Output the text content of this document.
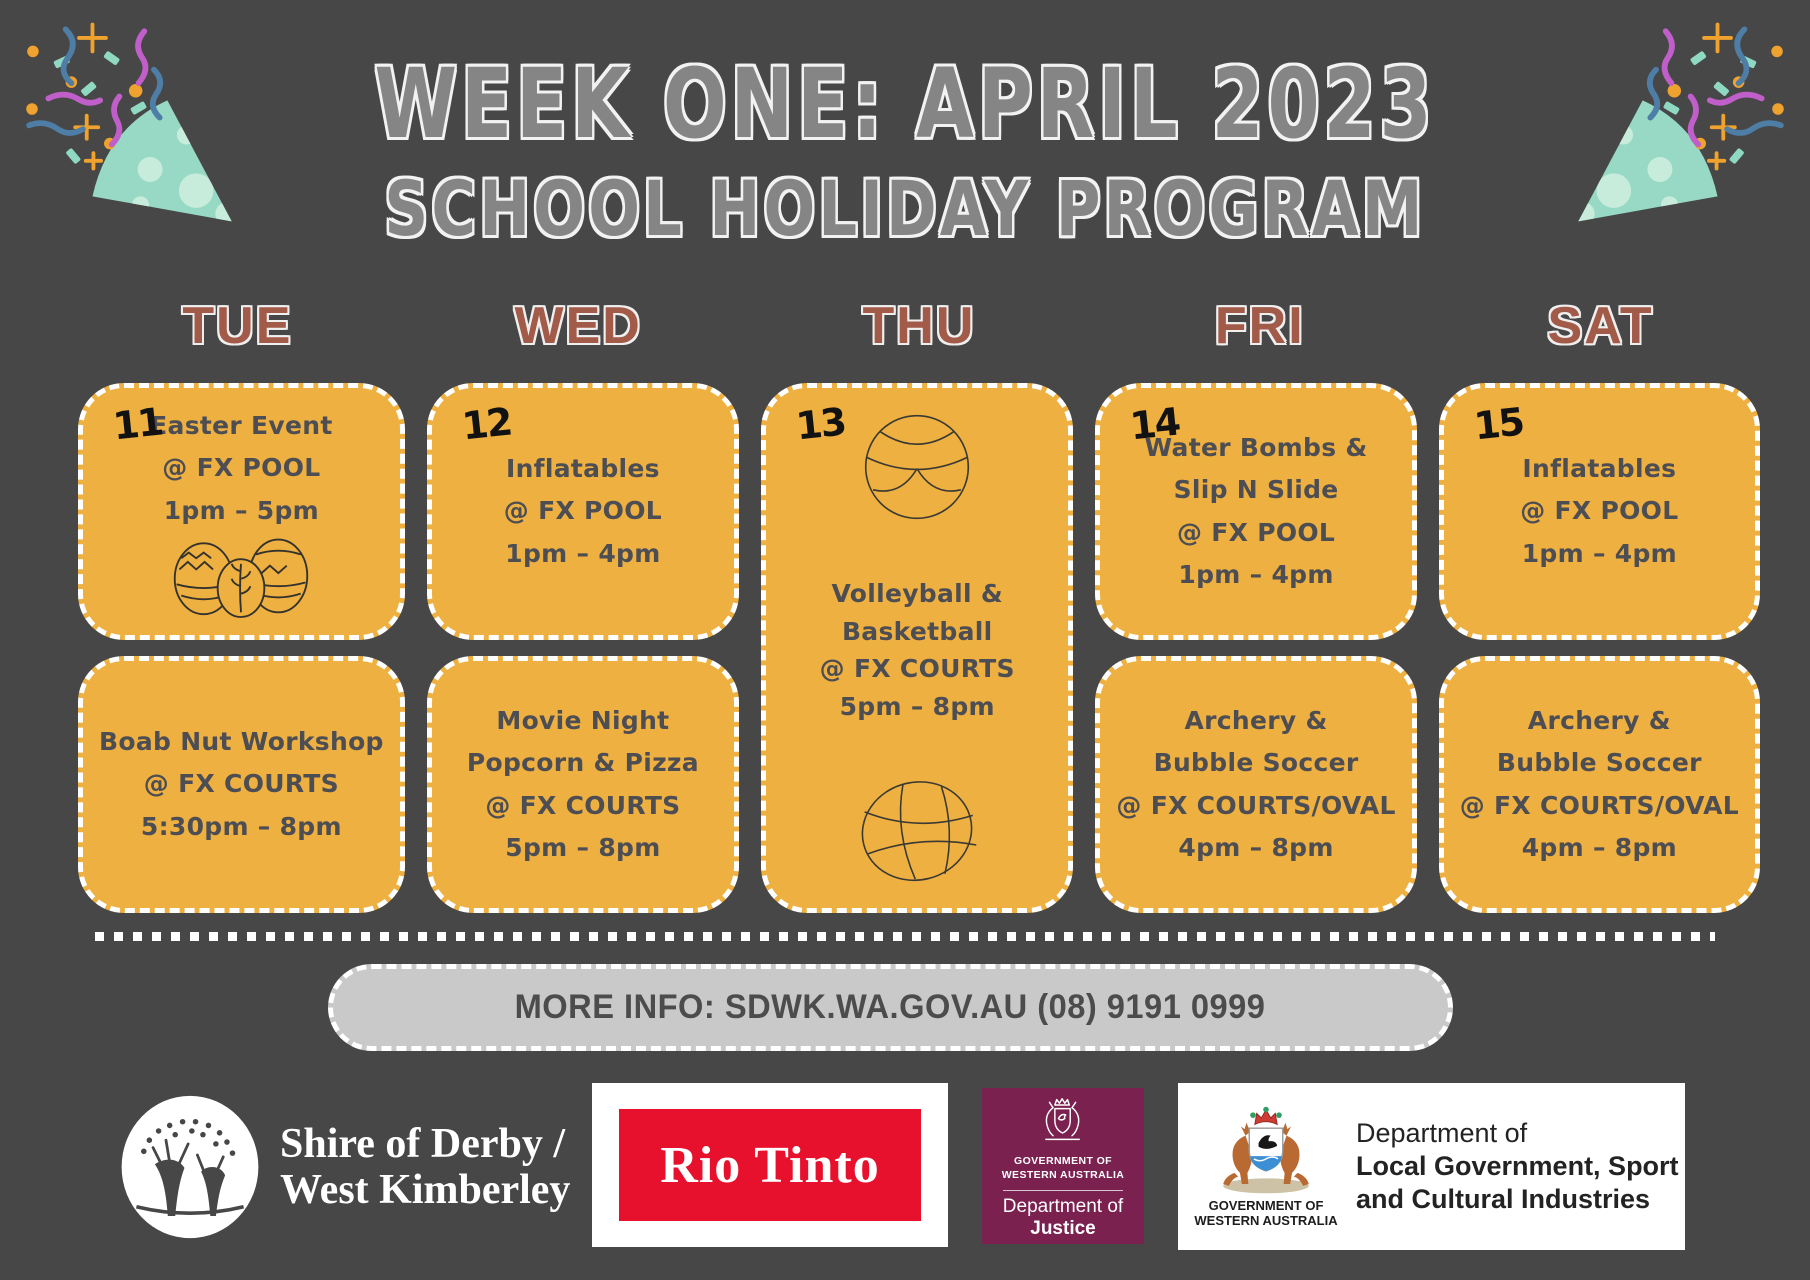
WEEK ONE: APRIL 2023
SCHOOL HOLIDAY PROGRAM
TUE	WED	THU	FRI	SAT
11
Easter Event
@ FX POOL
1pm – 5pm
12
Inflatables
@ FX POOL
1pm – 4pm
13
Volleyball &
Basketball
@ FX COURTS
5pm – 8pm
14
Water Bombs &
Slip N Slide
@ FX POOL
1pm – 4pm
15
Inflatables
@ FX POOL
1pm – 4pm
Boab Nut Workshop
@ FX COURTS
5:30pm – 8pm
Movie Night
Popcorn & Pizza
@ FX COURTS
5pm – 8pm
Archery &
Bubble Soccer
@ FX COURTS/OVAL
4pm – 8pm
Archery &
Bubble Soccer
@ FX COURTS/OVAL
4pm – 8pm
MORE INFO: SDWK.WA.GOV.AU (08) 9191 0999
Shire of Derby /
West Kimberley Rio Tinto	GOVERNMENT OF
WESTERN AUSTRALIA
Department of
Justice
GOVERNMENT OF
WESTERN AUSTRALIA
Department of
Local Government, Sport
and Cultural Industries
